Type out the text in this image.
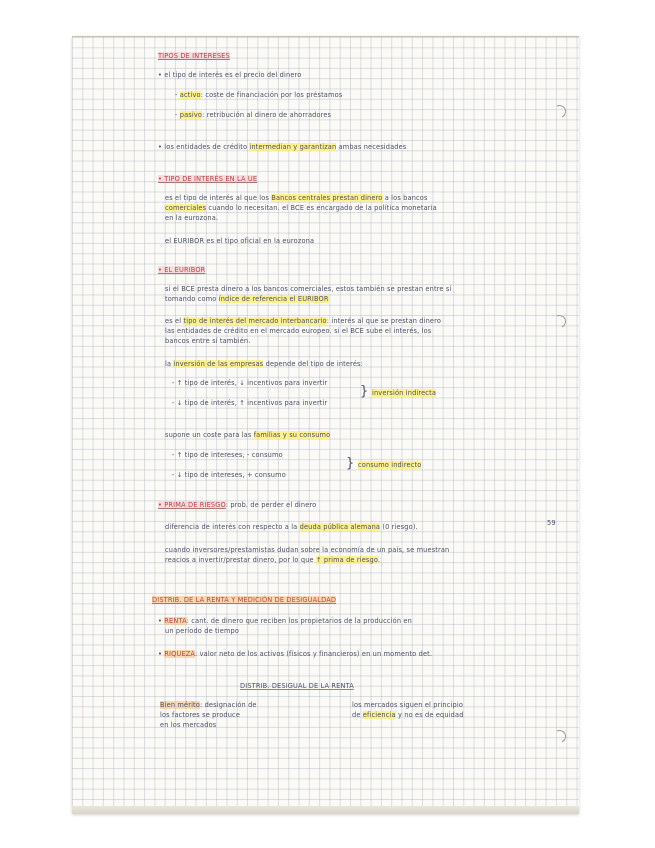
TIPOS DE INTERESES

• el tipo de interés es el precio del dinero

- activo: coste de financiación por los préstamos

- pasivo: retribución al dinero de ahorradores

• los entidades de crédito intermedian y garantizan ambas necesidades

• TIPO DE INTERÉS EN LA UE

es el tipo de interés al que los Bancos centrales prestan dinero a los bancos

comerciales cuando lo necesitan. el BCE es encargado de la política monetaria

en la eurozona.

el EURIBOR es el tipo oficial en la eurozona

• EL EURIBOR

si el BCE presta dinero a los bancos comerciales, estos también se prestan entre sí

tomando como índice de referencia el EURIBOR

es el tipo de interés del mercado interbancario: interés al que se prestan dinero

las entidades de crédito en el mercado europeo. si el BCE sube el interés, los

bancos entre sí también.

la inversión de las empresas depende del tipo de interés:

- ↑ tipo de interés, ↓ incentivos para invertir

- ↓ tipo de interés, ↑ incentivos para invertir

} inversión indirecta

supone un coste para las familias y su consumo

- ↑ tipo de intereses, - consumo

- ↓ tipo de intereses, + consumo

} consumo indirecto

• PRIMA DE RIESGO: prob. de perder el dinero

diferencia de interés con respecto a la deuda pública alemana (0 riesgo).	59

cuando inversores/prestamistas dudan sobre la economía de un país, se muestran

reacios a invertir/prestar dinero, por lo que ↑ prima de riesgo.

DISTRIB. DE LA RENTA Y MEDICIÓN DE DESIGUALDAD

• RENTA: cant. de dinero que reciben los propietarios de la producción en

un período de tiempo

• RIQUEZA: valor neto de los activos (físicos y financieros) en un momento det.

DISTRIB. DESIGUAL DE LA RENTA

Bien mérito: designación de

los factores se produce

en los mercados

los mercados siguen el principio

de eficiencia y no es de equidad
